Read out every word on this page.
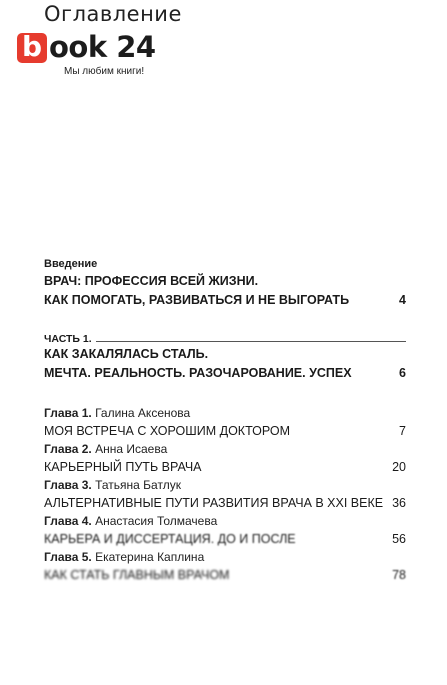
Оглавление
b ook 24
Мы любим книги!
Введение
ВРАЧ: ПРОФЕССИЯ ВСЕЙ ЖИЗНИ.
КАК ПОМОГАТЬ, РАЗВИВАТЬСЯ И НЕ ВЫГОРАТЬ	4
ЧАСТЬ 1.
КАК ЗАКАЛЯЛАСЬ СТАЛЬ.
МЕЧТА. РЕАЛЬНОСТЬ. РАЗОЧАРОВАНИЕ. УСПЕХ	6
Глава 1. Галина Аксенова
МОЯ ВСТРЕЧА С ХОРОШИМ ДОКТОРОМ	7
Глава 2. Анна Исаева
КАРЬЕРНЫЙ ПУТЬ ВРАЧА	20
Глава 3. Татьяна Батлук
АЛЬТЕРНАТИВНЫЕ ПУТИ РАЗВИТИЯ ВРАЧА В XXI ВЕКЕ 36
Глава 4. Анастасия Толмачева
КАРЬЕРА И ДИССЕРТАЦИЯ. ДО И ПОСЛЕ	56
Глава 5. Екатерина Каплина
КАК СТАТЬ ГЛАВНЫМ ВРАЧОМ	78
